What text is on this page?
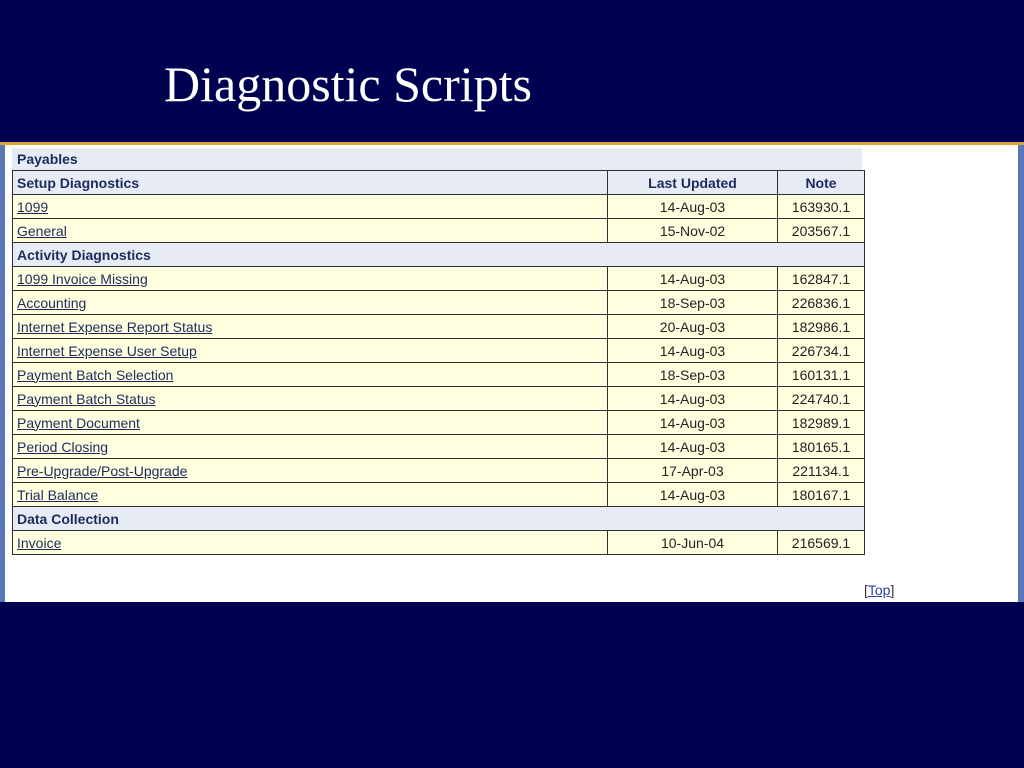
Diagnostic Scripts
Payables
Setup Diagnostics	Last Updated	Note
1099	14-Aug-03	163930.1
General	15-Nov-02	203567.1
Activity Diagnostics		
1099 Invoice Missing	14-Aug-03	162847.1
Accounting	18-Sep-03	226836.1
Internet Expense Report Status	20-Aug-03	182986.1
Internet Expense User Setup	14-Aug-03	226734.1
Payment Batch Selection	18-Sep-03	160131.1
Payment Batch Status	14-Aug-03	224740.1
Payment Document	14-Aug-03	182989.1
Period Closing	14-Aug-03	180165.1
Pre-Upgrade/Post-Upgrade	17-Apr-03	221134.1
Trial Balance	14-Aug-03	180167.1
Data Collection		
Invoice	10-Jun-04	216569.1
[Top]
